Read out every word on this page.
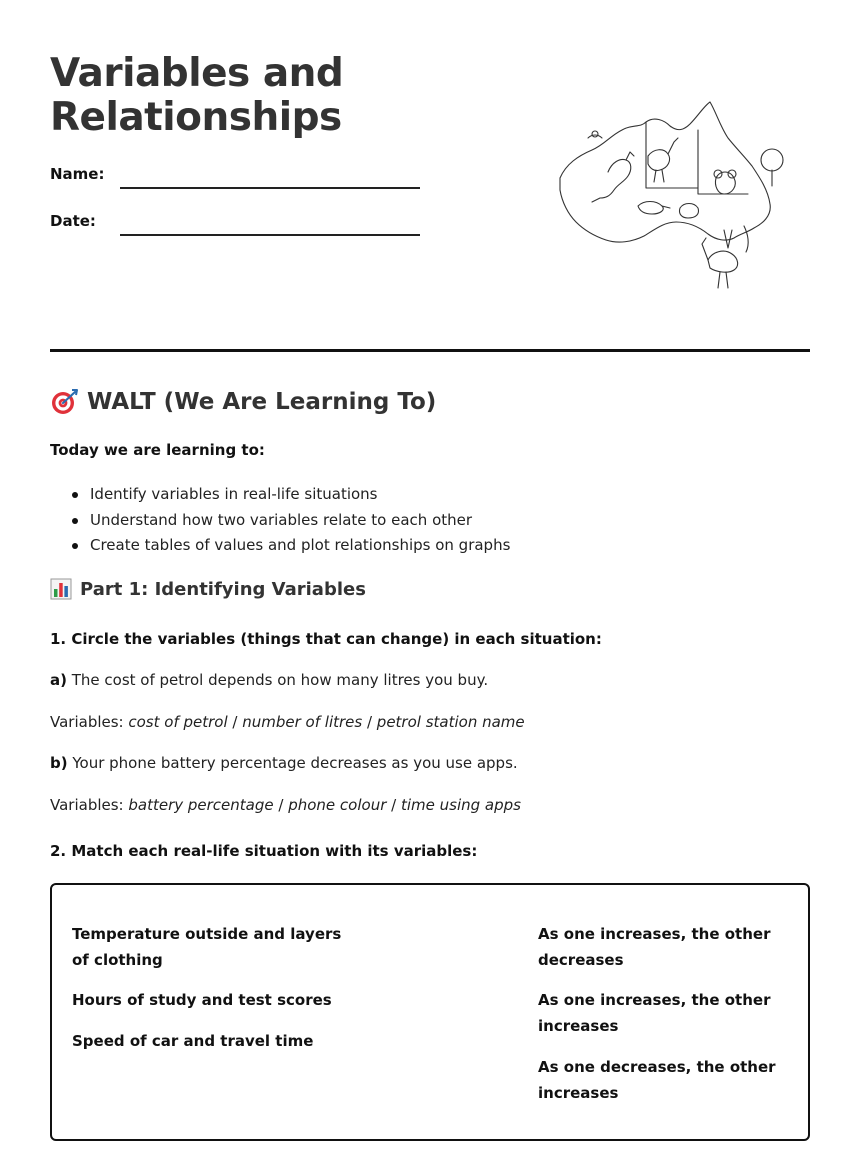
Variables and
Relationships
Name:
Date:
WALT (We Are Learning To)
Today we are learning to:
Identify variables in real-life situations
Understand how two variables relate to each other
Create tables of values and plot relationships on graphs
Part 1: Identifying Variables
1. Circle the variables (things that can change) in each situation:
a) The cost of petrol depends on how many litres you buy.
Variables: cost of petrol / number of litres / petrol station name
b) Your phone battery percentage decreases as you use apps.
Variables: battery percentage / phone colour / time using apps
2. Match each real-life situation with its variables:
Temperature outside and layers
of clothing
Hours of study and test scores
Speed of car and travel time
As one increases, the other
decreases
As one increases, the other
increases
As one decreases, the other
increases
